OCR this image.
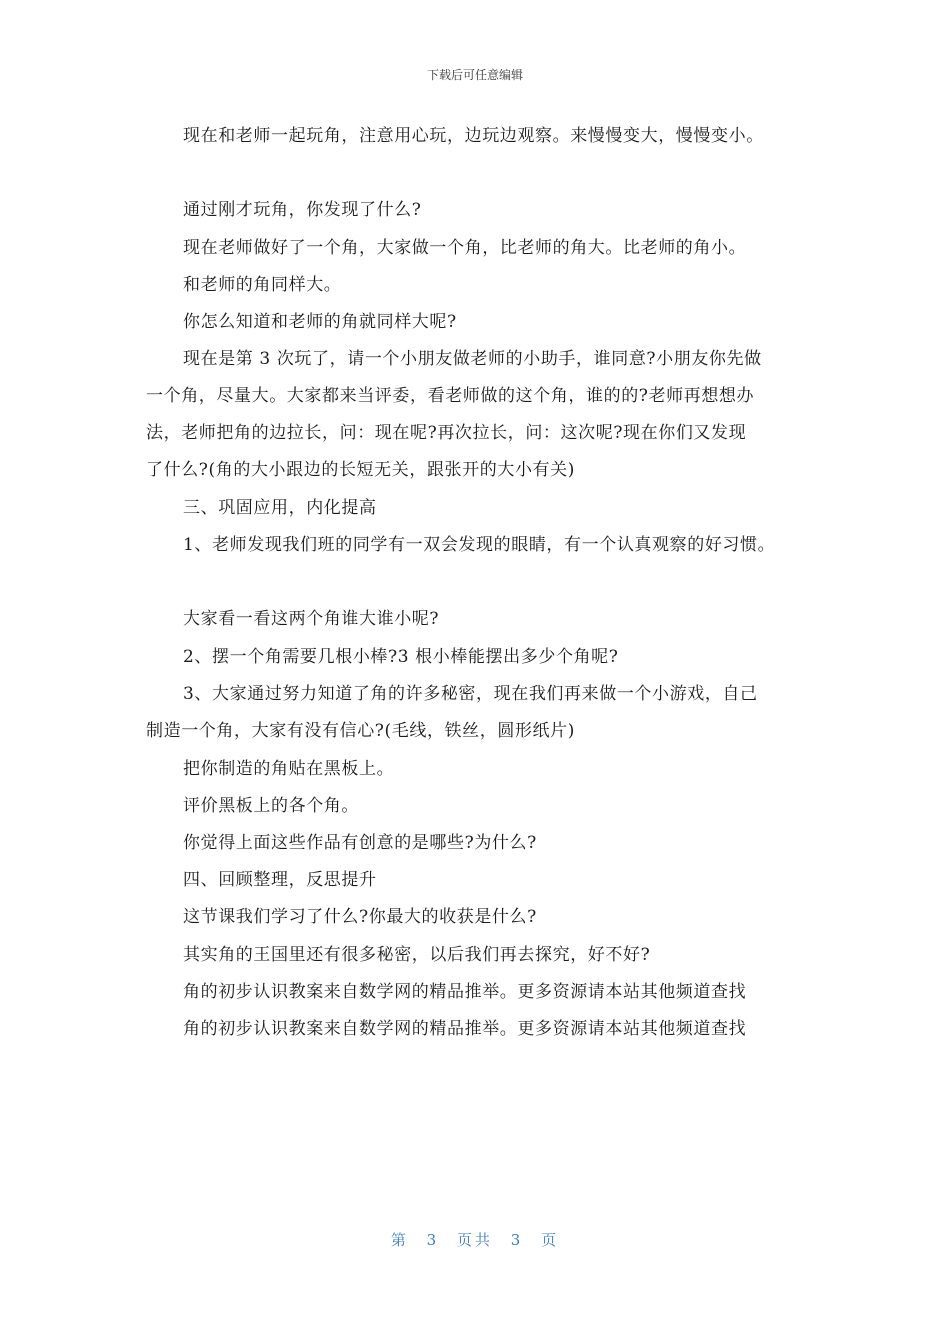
下载后可任意编辑
现在和老师一起玩角，注意用心玩，边玩边观察。来慢慢变大，慢慢变小。
通过刚才玩角，你发现了什么?
现在老师做好了一个角，大家做一个角，比老师的角大。比老师的角小。
和老师的角同样大。
你怎么知道和老师的角就同样大呢?
现在是第 3 次玩了，请一个小朋友做老师的小助手，谁同意?小朋友你先做
一个角，尽量大。大家都来当评委，看老师做的这个角，谁的的?老师再想想办
法，老师把角的边拉长，问：现在呢?再次拉长，问：这次呢?现在你们又发现
了什么?(角的大小跟边的长短无关，跟张开的大小有关)
三、巩固应用，内化提高
1、老师发现我们班的同学有一双会发现的眼睛，有一个认真观察的好习惯。
大家看一看这两个角谁大谁小呢?
2、摆一个角需要几根小棒?3 根小棒能摆出多少个角呢?
3、大家通过努力知道了角的许多秘密，现在我们再来做一个小游戏，自己
制造一个角，大家有没有信心?(毛线，铁丝，圆形纸片)
把你制造的角贴在黑板上。
评价黑板上的各个角。
你觉得上面这些作品有创意的是哪些?为什么?
四、回顾整理，反思提升
这节课我们学习了什么?你最大的收获是什么?
其实角的王国里还有很多秘密，以后我们再去探究，好不好?
角的初步认识教案来自数学网的精品推举。更多资源请本站其他频道查找
角的初步认识教案来自数学网的精品推举。更多资源请本站其他频道查找
第 3 页共 3 页
